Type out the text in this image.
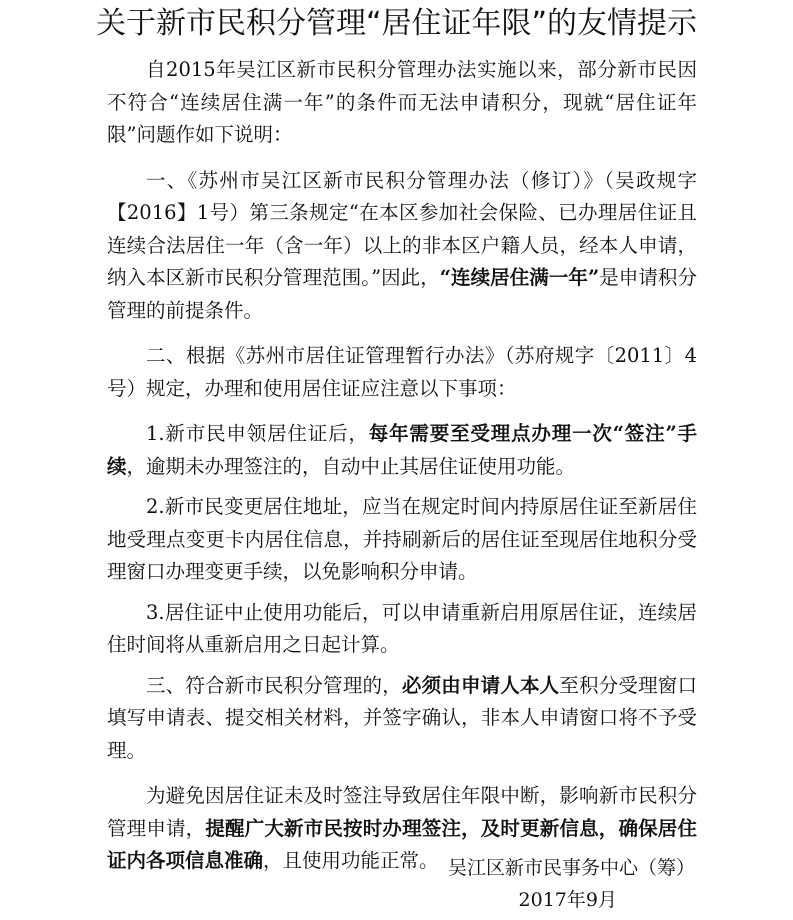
关于新市民积分管理“居住证年限”的友情提示

自2015年吴江区新市民积分管理办法实施以来，部分新市民因不符合“连续居住满一年”的条件而无法申请积分，现就“居住证年限”问题作如下说明：

一、《苏州市吴江区新市民积分管理办法（修订）》（吴政规字【2016】1号）第三条规定“在本区参加社会保险、已办理居住证且连续合法居住一年（含一年）以上的非本区户籍人员，经本人申请，纳入本区新市民积分管理范围。”因此，“连续居住满一年”是申请积分管理的前提条件。

二、根据《苏州市居住证管理暂行办法》（苏府规字〔2011〕4号）规定，办理和使用居住证应注意以下事项：

1.新市民申领居住证后，每年需要至受理点办理一次“签注”手续，逾期未办理签注的，自动中止其居住证使用功能。

2.新市民变更居住地址，应当在规定时间内持原居住证至新居住地受理点变更卡内居住信息，并持刷新后的居住证至现居住地积分受理窗口办理变更手续，以免影响积分申请。

3.居住证中止使用功能后，可以申请重新启用原居住证，连续居住时间将从重新启用之日起计算。

三、符合新市民积分管理的，必须由申请人本人至积分受理窗口填写申请表、提交相关材料，并签字确认，非本人申请窗口将不予受理。

为避免因居住证未及时签注导致居住年限中断，影响新市民积分管理申请，提醒广大新市民按时办理签注，及时更新信息，确保居住证内各项信息准确，且使用功能正常。 吴江区新市民事务中心（筹）
2017年9月
